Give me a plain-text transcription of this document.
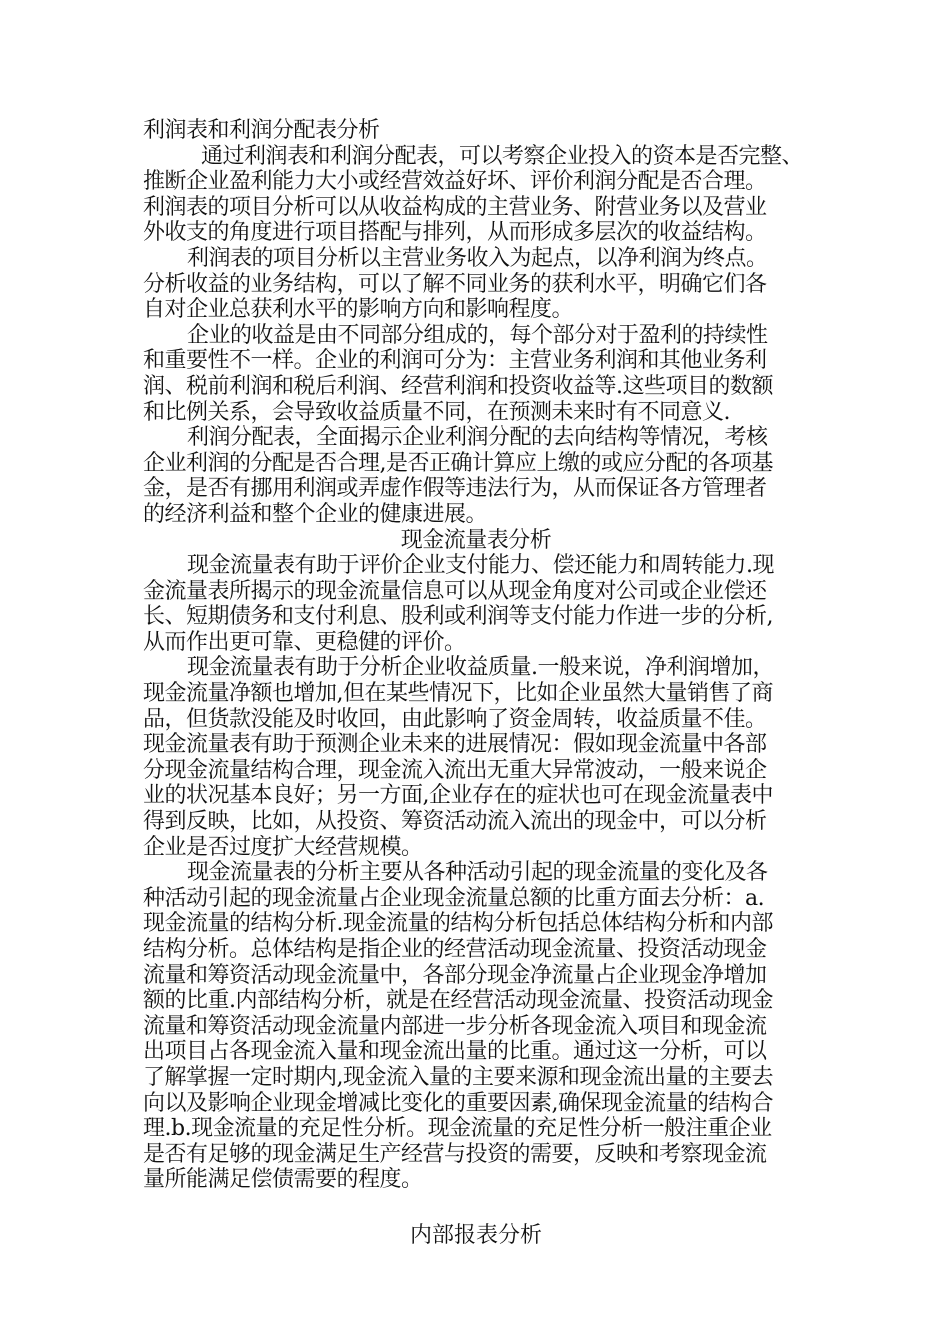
利润表和利润分配表分析
通过利润表和利润分配表，可以考察企业投入的资本是否完整、
推断企业盈利能力大小或经营效益好坏、评价利润分配是否合理。
利润表的项目分析可以从收益构成的主营业务、附营业务以及营业
外收支的角度进行项目搭配与排列，从而形成多层次的收益结构。
利润表的项目分析以主营业务收入为起点，以净利润为终点。
分析收益的业务结构，可以了解不同业务的获利水平，明确它们各
自对企业总获利水平的影响方向和影响程度。
企业的收益是由不同部分组成的，每个部分对于盈利的持续性
和重要性不一样。企业的利润可分为：主营业务利润和其他业务利
润、税前利润和税后利润、经营利润和投资收益等.这些项目的数额
和比例关系，会导致收益质量不同，在预测未来时有不同意义.
利润分配表，全面揭示企业利润分配的去向结构等情况，考核
企业利润的分配是否合理,是否正确计算应上缴的或应分配的各项基
金，是否有挪用利润或弄虚作假等违法行为，从而保证各方管理者
的经济利益和整个企业的健康进展。
现金流量表分析
现金流量表有助于评价企业支付能力、偿还能力和周转能力.现
金流量表所揭示的现金流量信息可以从现金角度对公司或企业偿还
长、短期债务和支付利息、股利或利润等支付能力作进一步的分析,
从而作出更可靠、更稳健的评价。
现金流量表有助于分析企业收益质量.一般来说，净利润增加，
现金流量净额也增加,但在某些情况下，比如企业虽然大量销售了商
品，但货款没能及时收回，由此影响了资金周转，收益质量不佳。
现金流量表有助于预测企业未来的进展情况：假如现金流量中各部
分现金流量结构合理，现金流入流出无重大异常波动，一般来说企
业的状况基本良好；另一方面,企业存在的症状也可在现金流量表中
得到反映，比如，从投资、筹资活动流入流出的现金中，可以分析
企业是否过度扩大经营规模。
现金流量表的分析主要从各种活动引起的现金流量的变化及各
种活动引起的现金流量占企业现金流量总额的比重方面去分析：a.
现金流量的结构分析.现金流量的结构分析包括总体结构分析和内部
结构分析。总体结构是指企业的经营活动现金流量、投资活动现金
流量和筹资活动现金流量中，各部分现金净流量占企业现金净增加
额的比重.内部结构分析，就是在经营活动现金流量、投资活动现金
流量和筹资活动现金流量内部进一步分析各现金流入项目和现金流
出项目占各现金流入量和现金流出量的比重。通过这一分析，可以
了解掌握一定时期内,现金流入量的主要来源和现金流出量的主要去
向以及影响企业现金增减比变化的重要因素,确保现金流量的结构合
理.b.现金流量的充足性分析。现金流量的充足性分析一般注重企业
是否有足够的现金满足生产经营与投资的需要，反映和考察现金流
量所能满足偿债需要的程度。
内部报表分析
